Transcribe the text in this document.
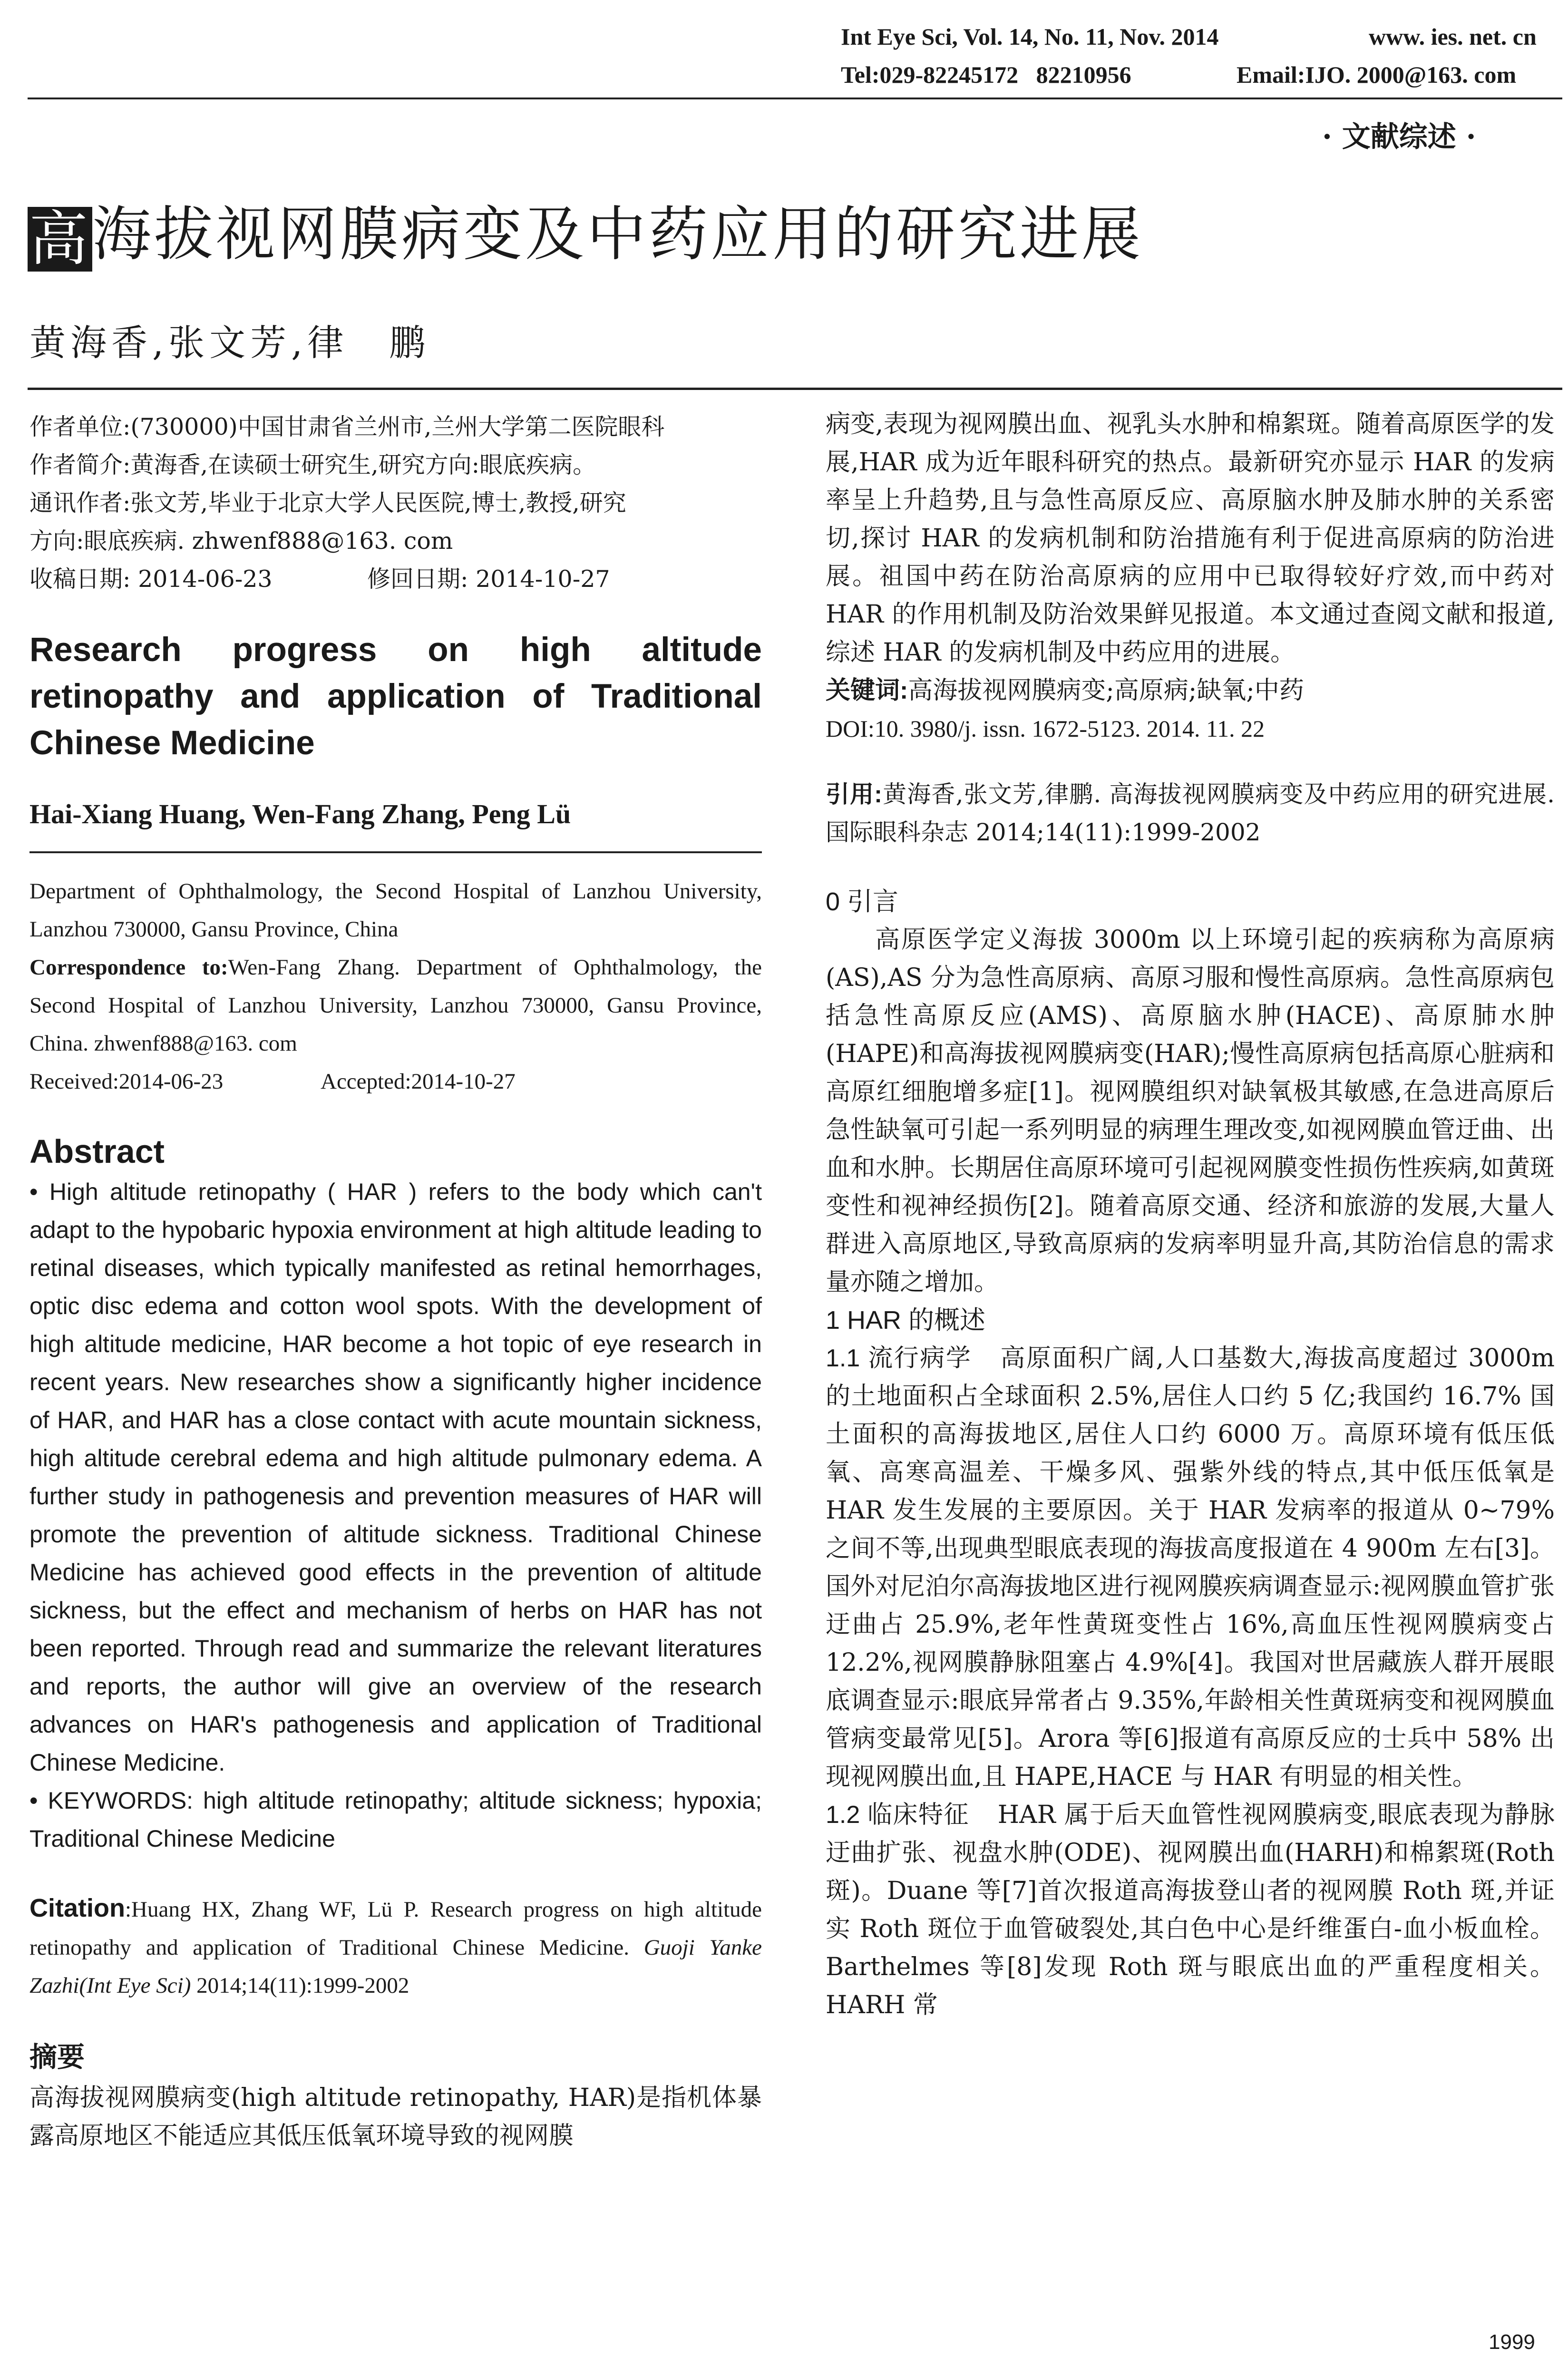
Int Eye Sci, Vol. 14, No. 11, Nov. 2014	www. ies. net. cn
Tel:029-82245172   82210956	Email:IJO. 2000@163. com
· 文献综述 ·
高海拔视网膜病变及中药应用的研究进展
黄海香,张文芳,律　鹏
作者单位:(730000)中国甘肃省兰州市,兰州大学第二医院眼科
作者简介:黄海香,在读硕士研究生,研究方向:眼底疾病。
通讯作者:张文芳,毕业于北京大学人民医院,博士,教授,研究
方向:眼底疾病. zhwenf888@163. com
收稿日期: 2014-06-23	修回日期: 2014-10-27
Research progress on high altitude retinopathy and application of Traditional Chinese Medicine
Hai-Xiang Huang, Wen-Fang Zhang, Peng Lü
Department of Ophthalmology, the Second Hospital of Lanzhou University, Lanzhou 730000, Gansu Province, China
Correspondence to:Wen-Fang Zhang. Department of Ophthalmology, the Second Hospital of Lanzhou University, Lanzhou 730000, Gansu Province, China. zhwenf888@163. com
Received:2014-06-23	Accepted:2014-10-27
Abstract
• High altitude retinopathy ( HAR ) refers to the body which can't adapt to the hypobaric hypoxia environment at high altitude leading to retinal diseases, which typically manifested as retinal hemorrhages, optic disc edema and cotton wool spots. With the development of high altitude medicine, HAR become a hot topic of eye research in recent years. New researches show a significantly higher incidence of HAR, and HAR has a close contact with acute mountain sickness, high altitude cerebral edema and high altitude pulmonary edema. A further study in pathogenesis and prevention measures of HAR will promote the prevention of altitude sickness. Traditional Chinese Medicine has achieved good effects in the prevention of altitude sickness, but the effect and mechanism of herbs on HAR has not been reported. Through read and summarize the relevant literatures and reports, the author will give an overview of the research advances on HAR's pathogenesis and application of Traditional Chinese Medicine.
• KEYWORDS: high altitude retinopathy; altitude sickness; hypoxia; Traditional Chinese Medicine
Citation:Huang HX, Zhang WF, Lü P. Research progress on high altitude retinopathy and application of Traditional Chinese Medicine. Guoji Yanke Zazhi(Int Eye Sci) 2014;14(11):1999-2002
摘要
高海拔视网膜病变(high altitude retinopathy, HAR)是指机体暴露高原地区不能适应其低压低氧环境导致的视网膜
病变,表现为视网膜出血、视乳头水肿和棉絮斑。随着高原医学的发展,HAR 成为近年眼科研究的热点。最新研究亦显示 HAR 的发病率呈上升趋势,且与急性高原反应、高原脑水肿及肺水肿的关系密切,探讨 HAR 的发病机制和防治措施有利于促进高原病的防治进展。祖国中药在防治高原病的应用中已取得较好疗效,而中药对 HAR 的作用机制及防治效果鲜见报道。本文通过查阅文献和报道,综述 HAR 的发病机制及中药应用的进展。
关键词:高海拔视网膜病变;高原病;缺氧;中药
DOI:10. 3980/j. issn. 1672-5123. 2014. 11. 22
引用:黄海香,张文芳,律鹏. 高海拔视网膜病变及中药应用的研究进展. 国际眼科杂志 2014;14(11):1999-2002
0 引言
高原医学定义海拔 3000m 以上环境引起的疾病称为高原病(AS),AS 分为急性高原病、高原习服和慢性高原病。急性高原病包括急性高原反应(AMS)、高原脑水肿(HACE)、高原肺水肿(HAPE)和高海拔视网膜病变(HAR);慢性高原病包括高原心脏病和高原红细胞增多症[1]。视网膜组织对缺氧极其敏感,在急进高原后急性缺氧可引起一系列明显的病理生理改变,如视网膜血管迂曲、出血和水肿。长期居住高原环境可引起视网膜变性损伤性疾病,如黄斑变性和视神经损伤[2]。随着高原交通、经济和旅游的发展,大量人群进入高原地区,导致高原病的发病率明显升高,其防治信息的需求量亦随之增加。
1 HAR 的概述
1.1 流行病学 高原面积广阔,人口基数大,海拔高度超过 3000m 的土地面积占全球面积 2.5%,居住人口约 5 亿;我国约 16.7% 国土面积的高海拔地区,居住人口约 6000 万。高原环境有低压低氧、高寒高温差、干燥多风、强紫外线的特点,其中低压低氧是 HAR 发生发展的主要原因。关于 HAR 发病率的报道从 0~79% 之间不等,出现典型眼底表现的海拔高度报道在 4 900m 左右[3]。国外对尼泊尔高海拔地区进行视网膜疾病调查显示:视网膜血管扩张迂曲占 25.9%,老年性黄斑变性占 16%,高血压性视网膜病变占 12.2%,视网膜静脉阻塞占 4.9%[4]。我国对世居藏族人群开展眼底调查显示:眼底异常者占 9.35%,年龄相关性黄斑病变和视网膜血管病变最常见[5]。Arora 等[6]报道有高原反应的士兵中 58% 出现视网膜出血,且 HAPE,HACE 与 HAR 有明显的相关性。
1.2 临床特征 HAR 属于后天血管性视网膜病变,眼底表现为静脉迂曲扩张、视盘水肿(ODE)、视网膜出血(HARH)和棉絮斑(Roth 斑)。Duane 等[7]首次报道高海拔登山者的视网膜 Roth 斑,并证实 Roth 斑位于血管破裂处,其白色中心是纤维蛋白-血小板血栓。Barthelmes 等[8]发现 Roth 斑与眼底出血的严重程度相关。HARH 常
1999
